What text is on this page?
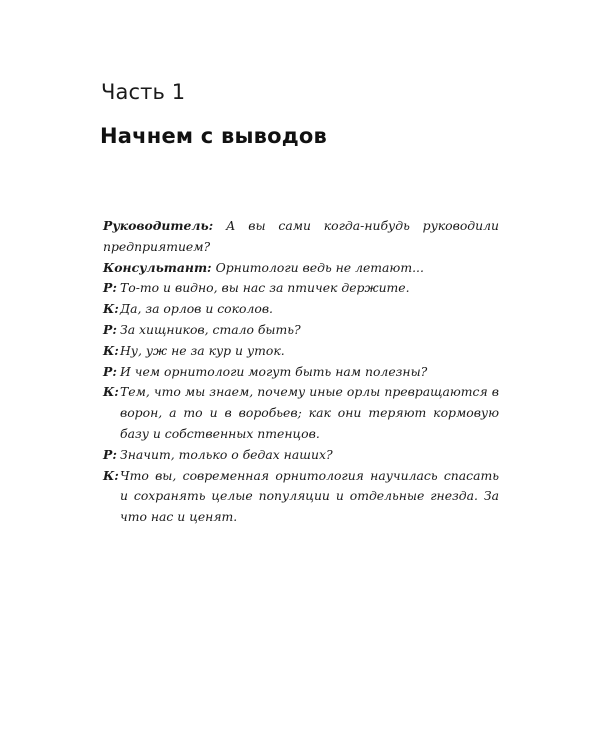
Часть 1
Начнем с выводов

Руководитель: А вы сами когда-нибудь руководили предприятием?

Консультант: Орнитологи ведь не летают...

Р: То-то и видно, вы нас за птичек держите.

К: Да, за орлов и соколов.

Р: За хищников, стало быть?

К: Ну, уж не за кур и уток.

Р: И чем орнитологи могут быть нам полезны?

К: Тем, что мы знаем, почему иные орлы превращаются в ворон, а то и в воробьев; как они теряют кормовую базу и собственных птенцов.

Р: Значит, только о бедах наших?

К: Что вы, современная орнитология научилась спасать и сохранять целые популяции и отдельные гнезда. За что нас и ценят.
